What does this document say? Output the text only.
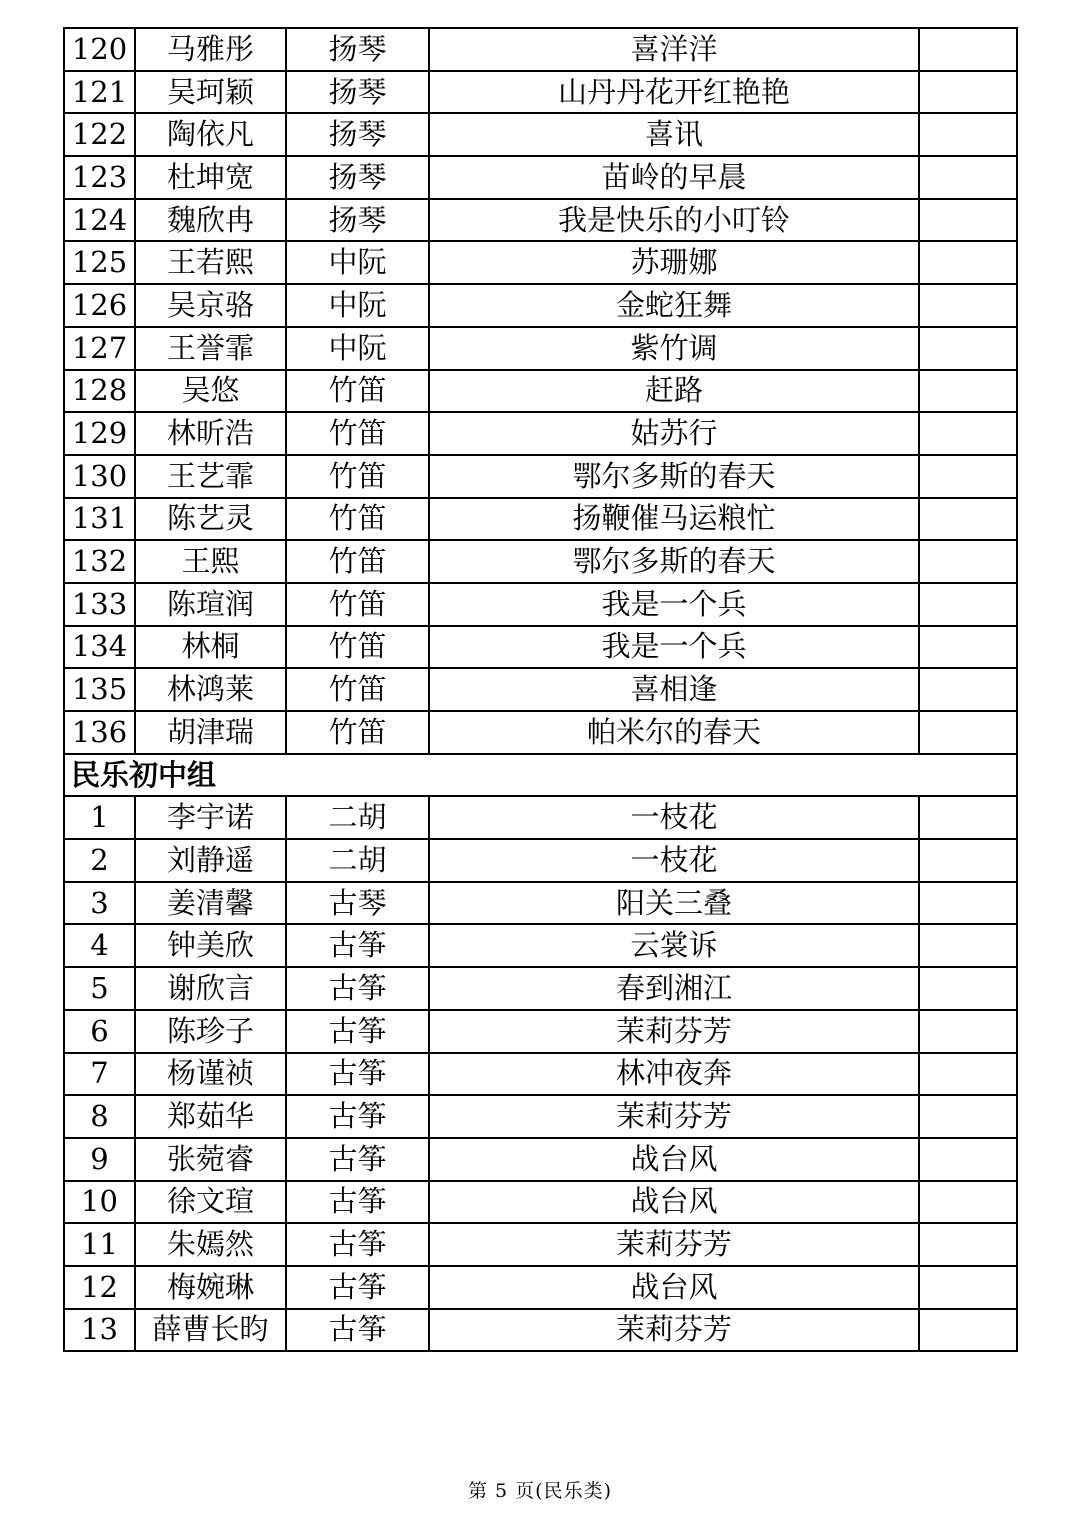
120	马雅彤	扬琴	喜洋洋	
121	吴珂颖	扬琴	山丹丹花开红艳艳	
122	陶依凡	扬琴	喜讯	
123	杜坤宽	扬琴	苗岭的早晨	
124	魏欣冉	扬琴	我是快乐的小叮铃	
125	王若熙	中阮	苏珊娜	
126	吴京骆	中阮	金蛇狂舞	
127	王誉霏	中阮	紫竹调	
128	吴悠	竹笛	赶路	
129	林昕浩	竹笛	姑苏行	
130	王艺霏	竹笛	鄂尔多斯的春天	
131	陈艺灵	竹笛	扬鞭催马运粮忙	
132	王熙	竹笛	鄂尔多斯的春天	
133	陈瑄润	竹笛	我是一个兵	
134	林桐	竹笛	我是一个兵	
135	林鸿莱	竹笛	喜相逢	
136	胡津瑞	竹笛	帕米尔的春天	
民乐初中组				
1	李宇诺	二胡	一枝花	
2	刘静遥	二胡	一枝花	
3	姜清馨	古琴	阳关三叠	
4	钟美欣	古筝	云裳诉	
5	谢欣言	古筝	春到湘江	
6	陈珍子	古筝	茉莉芬芳	
7	杨谨祯	古筝	林冲夜奔	
8	郑茹华	古筝	茉莉芬芳	
9	张菀睿	古筝	战台风	
10	徐文瑄	古筝	战台风	
11	朱嫣然	古筝	茉莉芬芳	
12	梅婉琳	古筝	战台风	
13	薛曹长昀	古筝	茉莉芬芳	
第 5 页(民乐类)
